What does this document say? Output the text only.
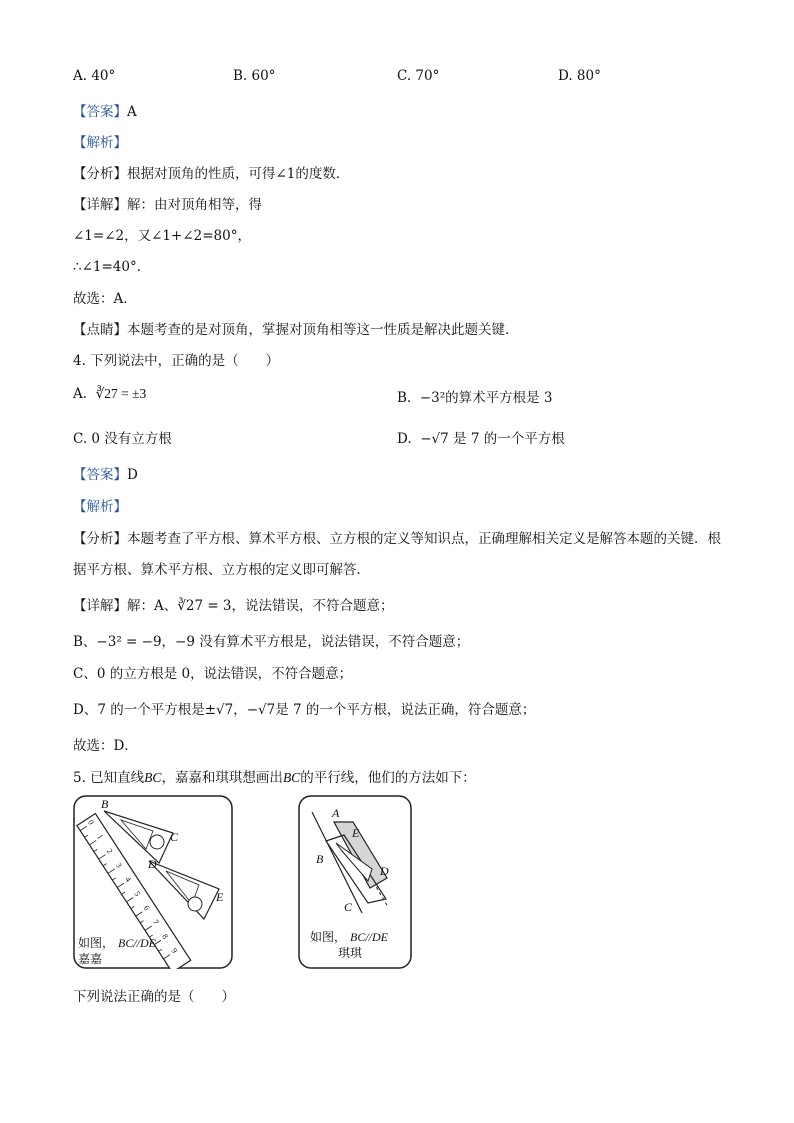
A. 40°	B. 60°	C. 70°	D. 80°
【答案】A
【解析】
【分析】根据对顶角的性质，可得∠1的度数．
【详解】解：由对顶角相等，得
∠1=∠2，又∠1+∠2=80°，
∴∠1=40°．
故选：A．
【点睛】本题考查的是对顶角，掌握对顶角相等这一性质是解决此题关键．
4. 下列说法中，正确的是（　　）
A. ∛27 = ±3	B. −3²的算术平方根是 3
C. 0 没有立方根	D. −√7 是 7 的一个平方根
【答案】D
【解析】
【分析】本题考查了平方根、算术平方根、立方根的定义等知识点，正确理解相关定义是解答本题的关键．根
据平方根、算术平方根、立方根的定义即可解答．
【详解】解：A、∛27 = 3，说法错误，不符合题意；
B、−3² = −9，−9 没有算术平方根是，说法错误，不符合题意；
C、0 的立方根是 0，说法错误，不符合题意；
D、7 的一个平方根是±√7，−√7是 7 的一个平方根，说法正确，符合题意；
故选：D．
5. 已知直线BC，嘉嘉和琪琪想画出BC的平行线，他们的方法如下：
0
1
2
3
4
5
6
7
8
9
B
C
D
E
如图， BC//DE
嘉嘉
A
E
B
D
C
如图， BC//DE
琪琪
下列说法正确的是（　　）
